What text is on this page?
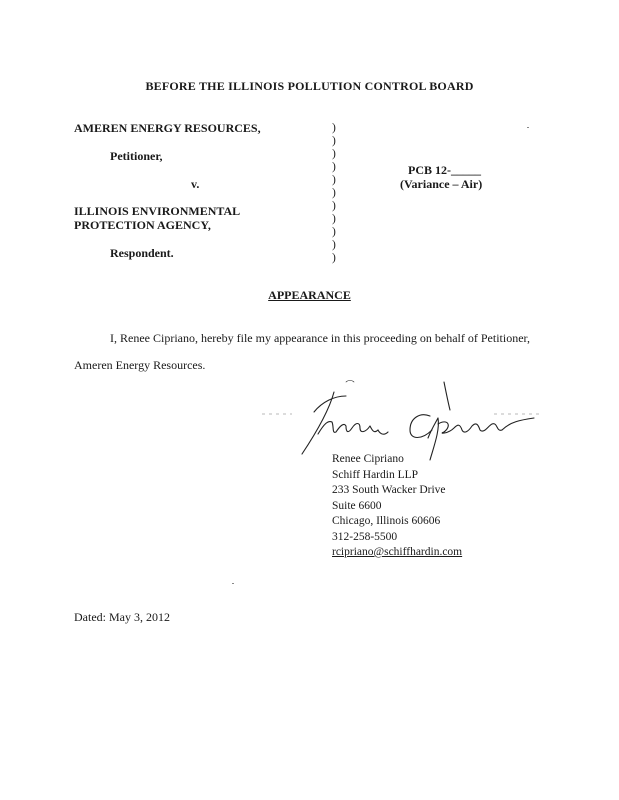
BEFORE THE ILLINOIS POLLUTION CONTROL BOARD
AMEREN ENERGY RESOURCES,
Petitioner,
v.
ILLINOIS ENVIRONMENTAL
PROTECTION AGENCY,
Respondent.
)
)
)
)
)
)
)
)
)
)
)
PCB 12-_____
(Variance – Air)
APPEARANCE
I, Renee Cipriano, hereby file my appearance in this proceeding on behalf of Petitioner,
Ameren Energy Resources.
Renee Cipriano
Schiff Hardin LLP
233 South Wacker Drive
Suite 6600
Chicago, Illinois 60606
312-258-5500
rcipriano@schiffhardin.com
Dated: May 3, 2012
